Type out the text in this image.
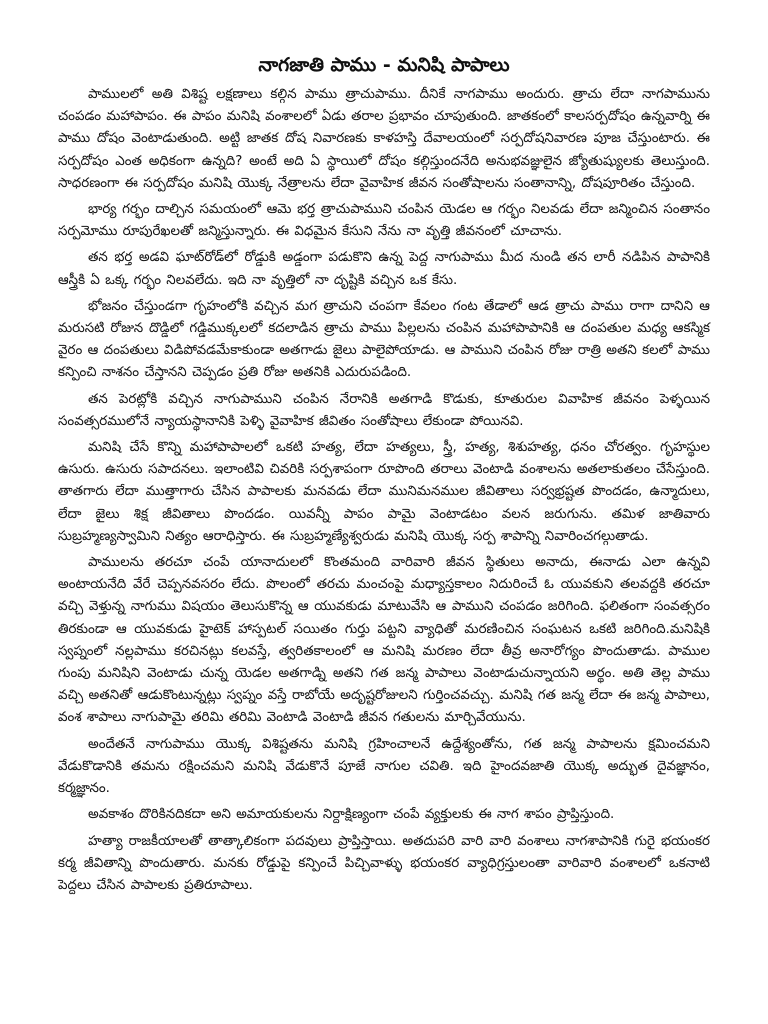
నాగజాతి పాము - మనిషి పాపాలు

పాములలో అతి విశిష్ట లక్షణాలు కల్గిన పాము త్రాచుపాము. దీనికే నాగపాము అందురు. త్రాచు లేదా నాగపామును చంపడం మహాపాపం. ఈ పాపం మనిషి వంశాలలో ఏడు తరాల ప్రభావం చూపుతుంది. జాతకంలో కాలసర్పదోషం ఉన్నవార్ని ఈ పాము దోషం వెంటాడుతుంది. అట్టి జాతక దోష నివారణకు కాళహస్తి దేవాలయంలో సర్పదోషనివారణ పూజ చేస్తుంటారు. ఈ సర్పదోషం ఎంత అధికంగా ఉన్నది? అంటే అది ఏ స్థాయిలో దోషం కల్గిస్తుందనేది అనుభవజ్ఞులైన జ్యోతుష్యులకు తెలుస్తుంది. సాధరణంగా ఈ సర్పదోషం మనిషి యొక్క నేత్రాలను లేదా వైవాహిక జీవన సంతోషాలను సంతానాన్ని, దోషపూరితం చేస్తుంది.

భార్య గర్భం దాల్చిన సమయంలో ఆమె భర్త త్రాచుపాముని చంపిన యెడల ఆ గర్భం నిలవడు లేదా జన్మించిన సంతానం సర్పమోము రూపురేఖలతో జన్మిస్తున్నారు. ఈ విధమైన కేసుని నేను నా వృత్తి జీవనంలో చూచాను.

తన భర్త అడవి ఘాట్‌రోడ్‌లో రోడ్డుకి అడ్డంగా పడుకొని ఉన్న పెద్ద నాగుపాము మీద నుండి తన లారీ నడిపిన పాపానికి ఆస్త్రీకి ఏ ఒక్క గర్భం నిలవలేదు. ఇది నా వృత్తిలో నా దృష్టికి వచ్చిన ఒక కేసు.

భోజనం చేస్తుండగా గృహంలోకి వచ్చిన మగ త్రాచుని చంపగా కేవలం గంట తేడాలో ఆడ త్రాచు పాము రాగా దానిని ఆ మరుసటి రోజున దొడ్డిలో గడ్డిముక్కలలో కదలాడిన త్రాచు పాము పిల్లలను చంపిన మహాపాపానికి ఆ దంపతుల మధ్య ఆకస్మిక వైరం ఆ దంపతులు విడిపోవడమేకాకుండా అతగాడు జైలు పాలైపోయాడు. ఆ పాముని చంపిన రోజు రాత్రి అతని కలలో పాము కన్పించి నాశనం చేస్తానని చెప్పడం ప్రతి రోజు అతనికి ఎదురుపడింది.

తన పెరట్లోకి వచ్చిన నాగుపాముని చంపిన నేరానికి అతగాడి కొడుకు, కూతురుల వివాహిక జీవనం పెళ్ళయిన సంవత్సరములోనే న్యాయస్థానానికి పెళ్ళి వైవాహిక జీవితం సంతోషాలు లేకుండా పోయినవి.

మనిషి చేసే కొన్ని మహాపాపాలలో ఒకటి హత్య, లేదా హత్యలు, స్త్రీ, హత్య, శిశుహత్య, ధనం చోరత్వం. గృహస్థుల ఉసురు. ఉసురు సపాదనలు. ఇలాంటివి చివరికి సర్పశాపంగా రూపొంది తరాలు వెంటాడి వంశాలను అతలాకుతలం చేసేస్తుంది. తాతగారు లేదా ముత్తాగారు చేసిన పాపాలకు మనవడు లేదా మునిమనముల జీవితాలు సర్వభ్రష్టత పొందడం, ఉన్మాదులు, లేదా జైలు శిక్ష జీవితాలు పొందడం. యివన్నీ పాపం పామై వెంటాడటం వలన జరుగును. తమిళ జాతివారు సుబ్రహ్మణ్యస్వామిని నిత్యం ఆరాధిస్తారు. ఈ సుబ్రహ్మణ్యేశ్వరుడు మనిషి యొక్క సర్ప శాపాన్ని నివారించగల్గుతాడు.

పాములను తరచూ చంపే యానాదులలో కొంతమంది వారివారి జీవన స్థితులు అనాదు, ఈనాడు ఎలా ఉన్నవి అంటాయనేది వేరే చెప్పనవసరం లేదు. పొలంలో తరచు మంచంపై మధ్యాస్తకాలం నిదురించే ఓ యువకుని తలవద్దకి తరచూ వచ్చి వెళ్తున్న నాగుము విషయం తెలుసుకొన్న ఆ యువకుడు మాటువేసి ఆ పాముని చంపడం జరిగింది. ఫలితంగా సంవత్సరం తిరకుండా ఆ యువకుడు హైటెక్ హాస్పటల్ సయితం గుర్తు పట్టని వ్యాధితో మరణించిన సంఘటన ఒకటి జరిగింది.మనిషికి స్వప్నంలో నల్లపాము కరచినట్లు కలవస్తే, త్వరితకాలంలో ఆ మనిషి మరణం లేదా తీవ్ర అనారోగ్యం పొందుతాడు. పాముల గుంపు మనిషిని వెంటాడు చున్న యెడల అతగాడ్ని అతని గత జన్మ పాపాలు వెంటాడుచున్నాయని అర్థం. అతి తెల్ల పాము వచ్చి అతనితో ఆడుకొంటున్నట్లు స్వప్నం వస్తే రాబోయే అదృష్టరోజులని గుర్తించవచ్చు. మనిషి గత జన్మ లేదా ఈ జన్మ పాపాలు, వంశ శాపాలు నాగుపామై తరిమి తరిమి వెంటాడి వెంటాడి జీవన గతులను మార్చివేయును.

అందేతనే నాగుపాము యొక్క విశిష్టతను మనిషి గ్రహించాలనే ఉద్దేశ్యంతోను, గత జన్మ పాపాలను క్షమించమని వేడుకొడానికి తమను రక్షించమని మనిషి వేడుకొనే పూజే నాగుల చవితి. ఇది హైందవజాతి యొక్క అద్భుత దైవజ్ఞానం, కర్మజ్ఞానం.

అవకాశం దొరికినదికదా అని అమాయకులను నిర్దాక్షిణ్యంగా చంపే వ్యక్తులకు ఈ నాగ శాపం ప్రాప్తిస్తుంది.

హత్యా రాజకీయాలతో తాత్కాలికంగా పదవులు ప్రాప్తిస్తాయి. అతదుపరి వారి వారి వంశాలు నాగశాపానికి గురై భయంకర కర్మ జీవితాన్ని పొందుతారు. మనకు రోడ్డుపై కన్పించే పిచ్చివాళ్ళు భయంకర వ్యాధిగ్రస్తులంతా వారివారి వంశాలలో ఒకనాటి పెద్దలు చేసిన పాపాలకు ప్రతిరూపాలు.
